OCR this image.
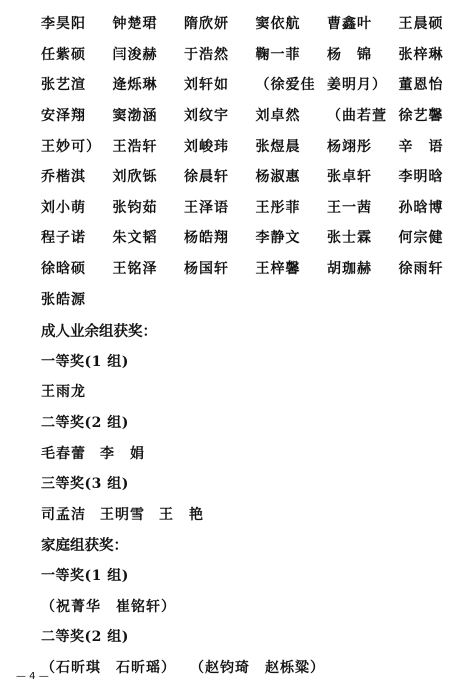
李昊阳	钟楚珺	隋欣妍	窦依航	曹鑫叶	王晨硕
任紫硕	闫浚赫	于浩然	鞠一菲	杨　锦	张梓琳
张艺渲	逄烁琳	刘轩如	（徐爱佳 姜明月） 董恩怡
安泽翔	窦渤涵	刘纹宇	刘卓然	（曲若萱 徐艺馨
王妙可） 王浩轩	刘峻玮	张煜晨	杨翊彤	辛　语
乔楷淇	刘欣铄	徐晨轩	杨淑惠	张卓轩	李明晗
刘小萌	张钧茹	王泽语	王彤菲	王一茜	孙晗博
程子诺	朱文韬	杨皓翔	李静文	张士霖	何宗健
徐晗硕	王铭泽	杨国轩	王梓馨	胡珈赫	徐雨轩
张皓源
成人业余组获奖：
一等奖(1 组)
王雨龙
二等奖(2 组)
毛春蕾 李　娟
三等奖(3 组)
司孟洁 王明雪 王　艳
家庭组获奖：
一等奖(1 组)
（祝菁华　崔铭轩）
二等奖(2 组)
（石昕琪　石昕瑶） （赵钧琦　赵栎粱）
— 4 —
